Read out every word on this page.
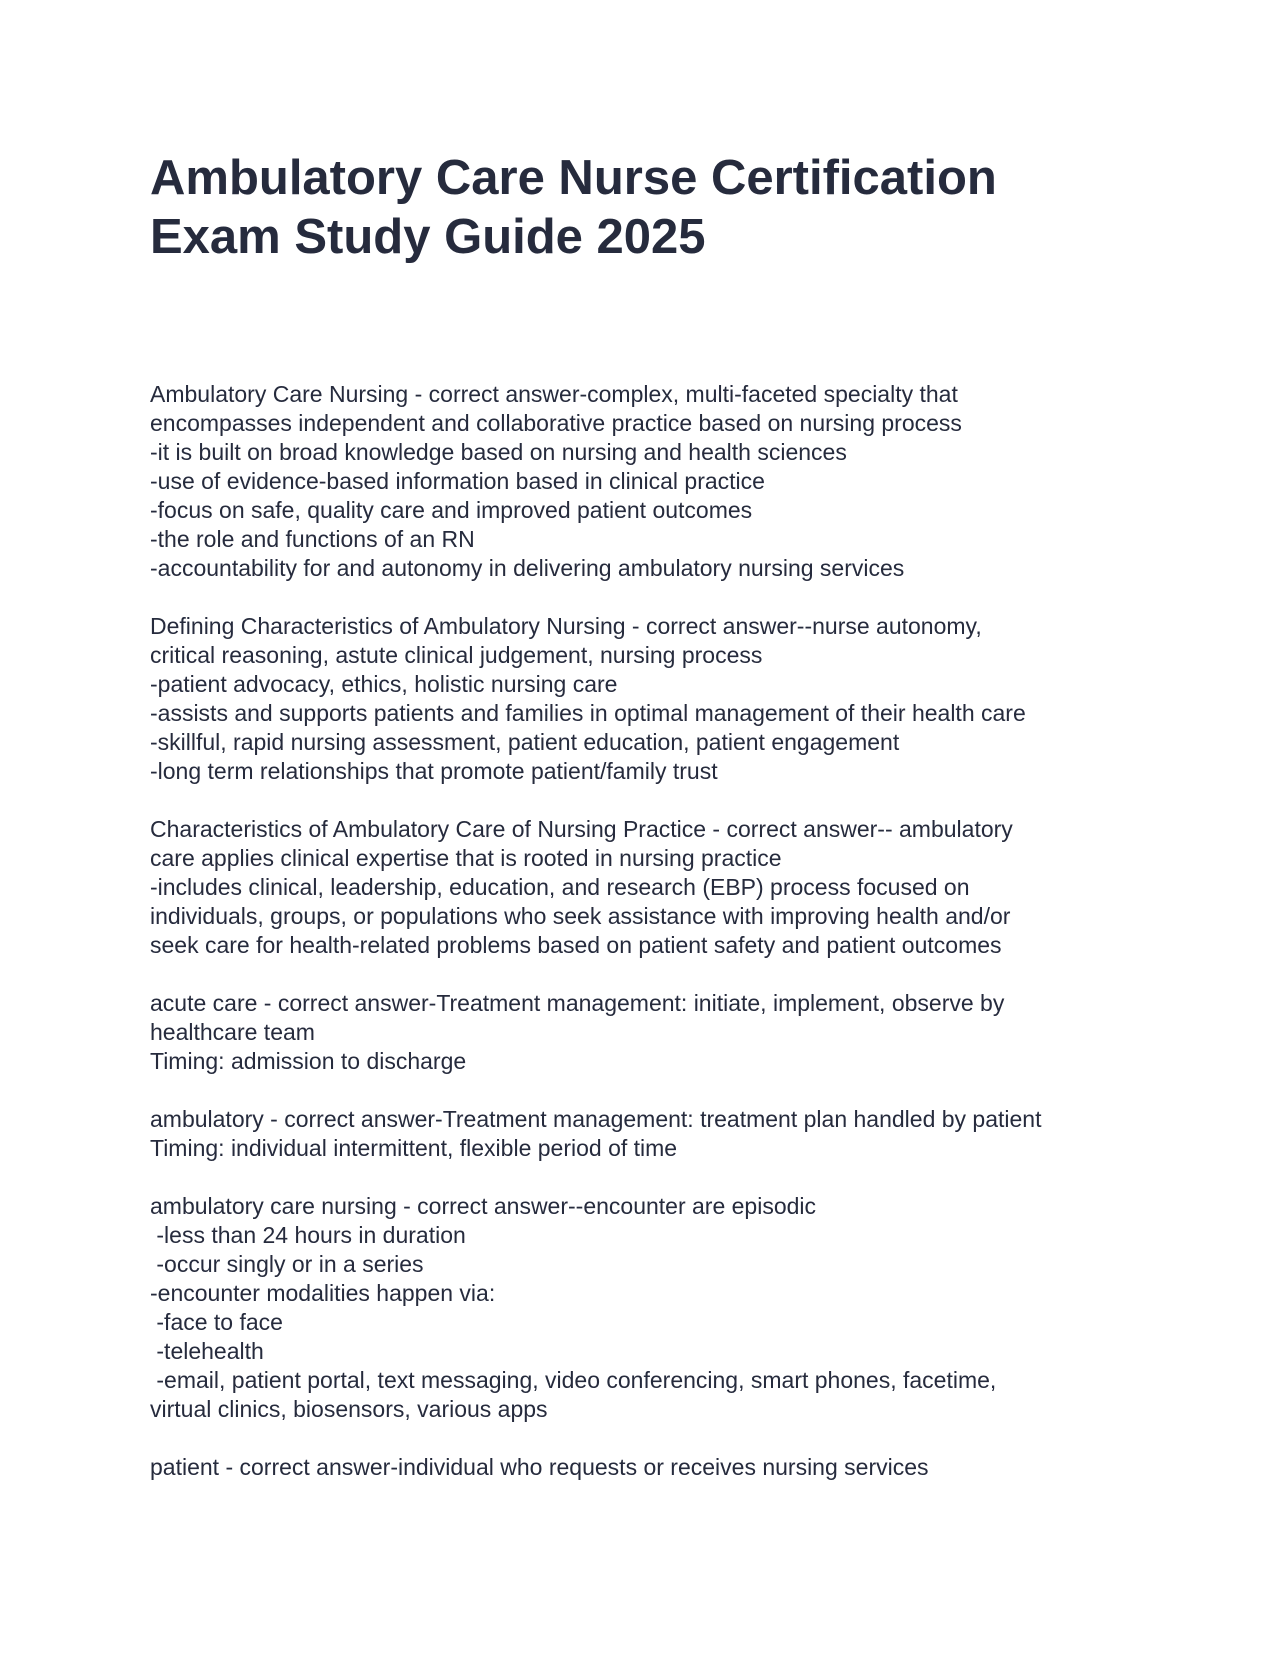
Ambulatory Care Nurse Certification
Exam Study Guide 2025
Ambulatory Care Nursing - correct answer-complex, multi-faceted specialty that
encompasses independent and collaborative practice based on nursing process
-it is built on broad knowledge based on nursing and health sciences
-use of evidence-based information based in clinical practice
-focus on safe, quality care and improved patient outcomes
-the role and functions of an RN
-accountability for and autonomy in delivering ambulatory nursing services
Defining Characteristics of Ambulatory Nursing - correct answer--nurse autonomy,
critical reasoning, astute clinical judgement, nursing process
-patient advocacy, ethics, holistic nursing care
-assists and supports patients and families in optimal management of their health care
-skillful, rapid nursing assessment, patient education, patient engagement
-long term relationships that promote patient/family trust
Characteristics of Ambulatory Care of Nursing Practice - correct answer-- ambulatory
care applies clinical expertise that is rooted in nursing practice
-includes clinical, leadership, education, and research (EBP) process focused on
individuals, groups, or populations who seek assistance with improving health and/or
seek care for health-related problems based on patient safety and patient outcomes
acute care - correct answer-Treatment management: initiate, implement, observe by
healthcare team
Timing: admission to discharge
ambulatory - correct answer-Treatment management: treatment plan handled by patient
Timing: individual intermittent, flexible period of time
ambulatory care nursing - correct answer--encounter are episodic
-less than 24 hours in duration
-occur singly or in a series
-encounter modalities happen via:
-face to face
-telehealth
-email, patient portal, text messaging, video conferencing, smart phones, facetime,
virtual clinics, biosensors, various apps
patient - correct answer-individual who requests or receives nursing services
